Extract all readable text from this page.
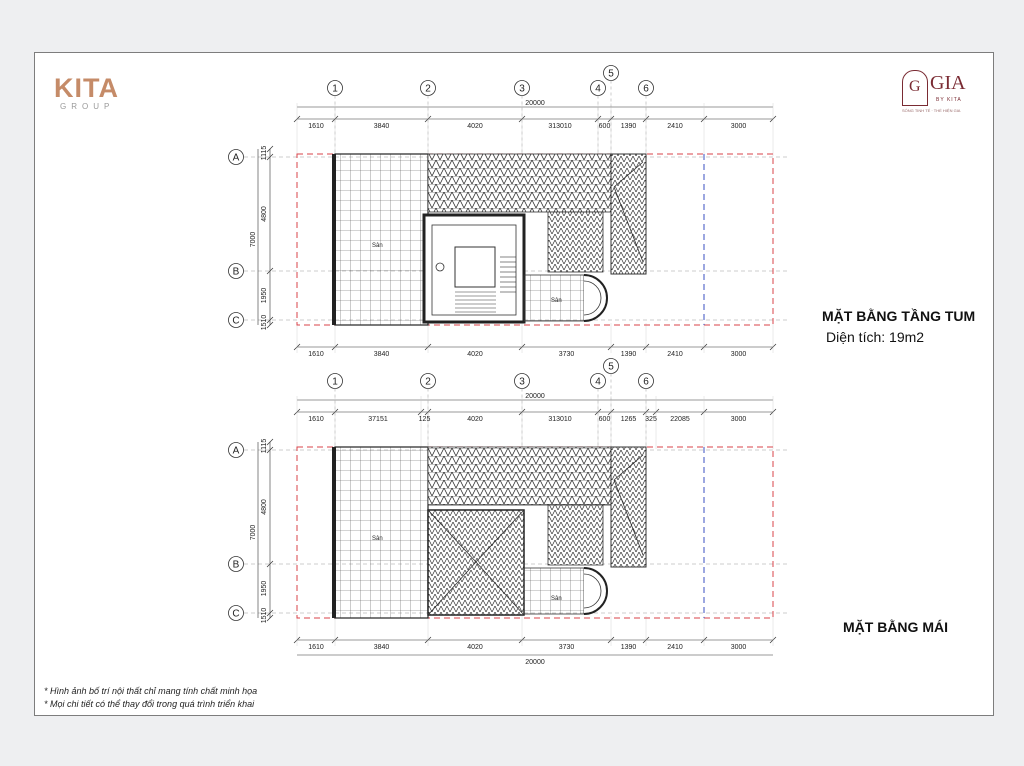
KITA
GROUP
G GIA
BY KITA
SỐNG TINH TẾ · THỂ HIỆN GIA
1	2	3	4
5
6
20000
1610	3840	4020	313010	600 1390	2410	3000
1610	3840	4020	3730	1390	2410	3000
A
B
C
1115
4800
1950
1510
7000	Sân
Sân
1	2	3	4
5
6
20000
1610	37151	125	4020	313010	600 1265 325 22085	3000
1610	3840	4020	3730	1390	2410	3000
20000
A
B
C
1115
4800
1950
1510
7000	Sân
Sân
MẶT BẰNG TẦNG TUM
Diện tích: 19m2
MẶT BẰNG MÁI
* Hình ảnh bố trí nội thất chỉ mang tính chất minh họa
* Mọi chi tiết có thể thay đổi trong quá trình triển khai
